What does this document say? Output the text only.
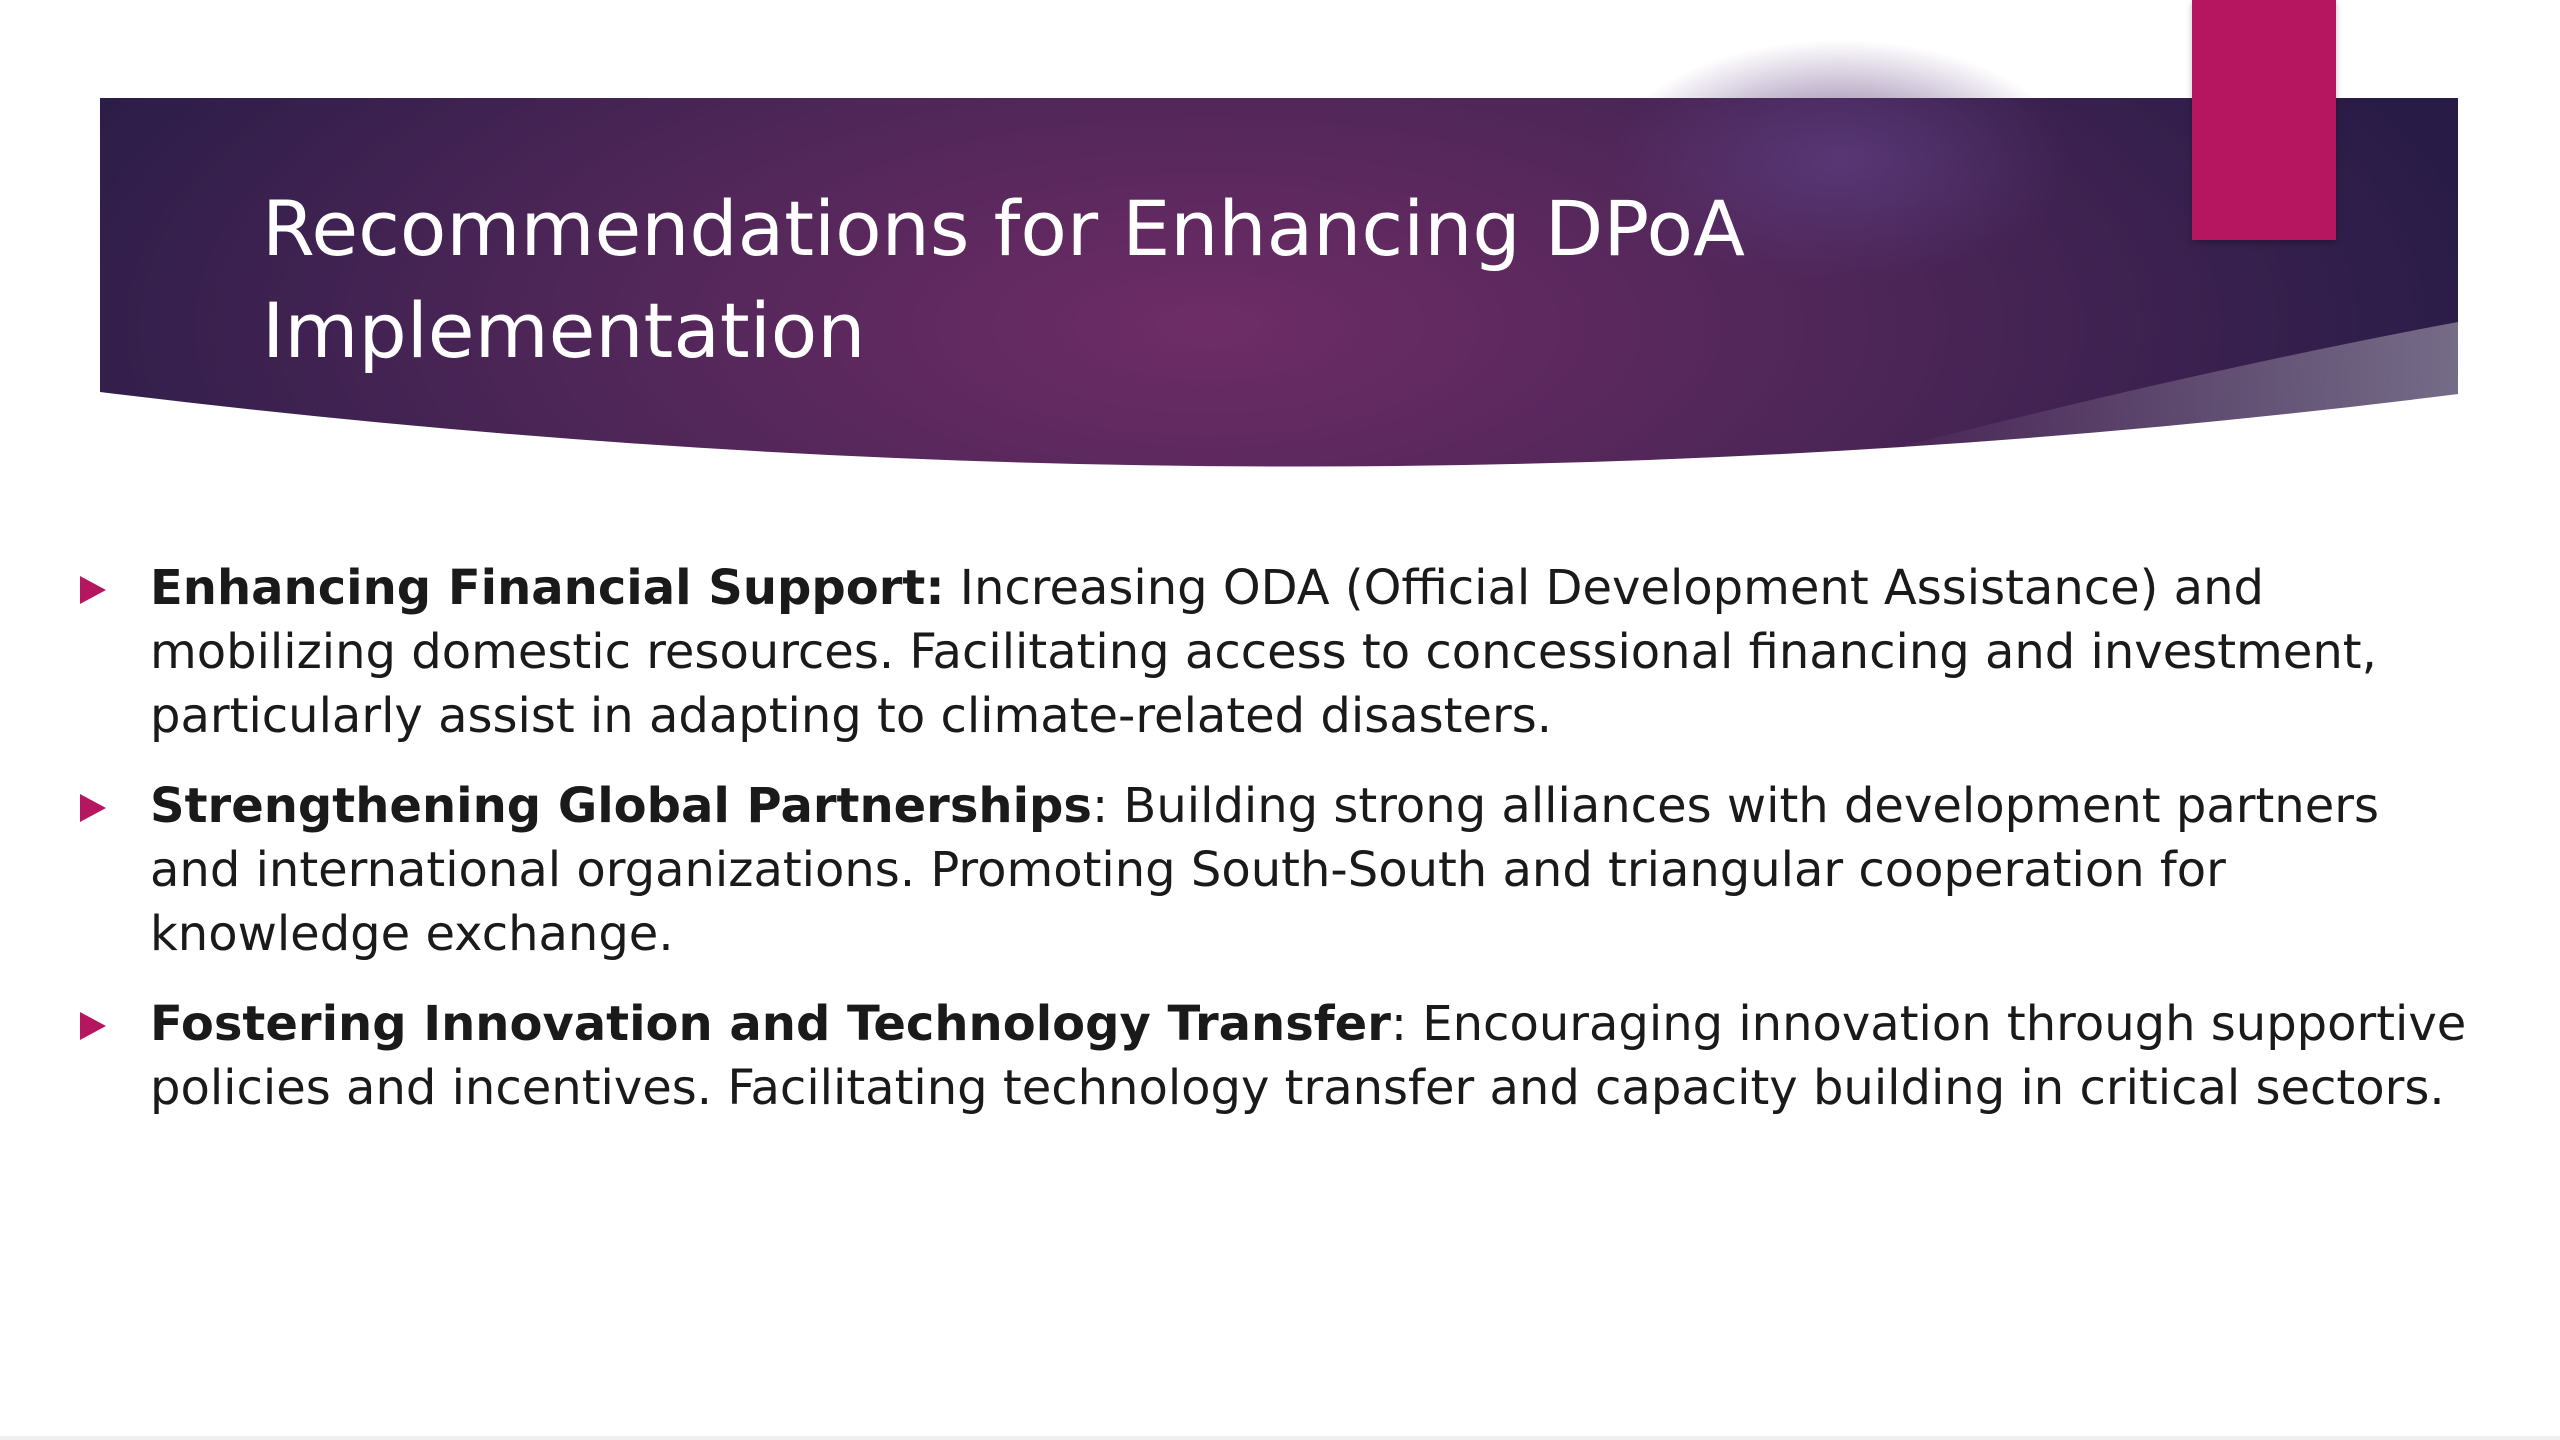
Recommendations for Enhancing DPoA Implementation
Enhancing Financial Support: Increasing ODA (Official Development Assistance) and mobilizing domestic resources. Facilitating access to concessional financing and investment, particularly assist in adapting to climate-related disasters.
Strengthening Global Partnerships: Building strong alliances with development partners and international organizations. Promoting South-South and triangular cooperation for knowledge exchange.
Fostering Innovation and Technology Transfer: Encouraging innovation through supportive policies and incentives. Facilitating technology transfer and capacity building in critical sectors.
